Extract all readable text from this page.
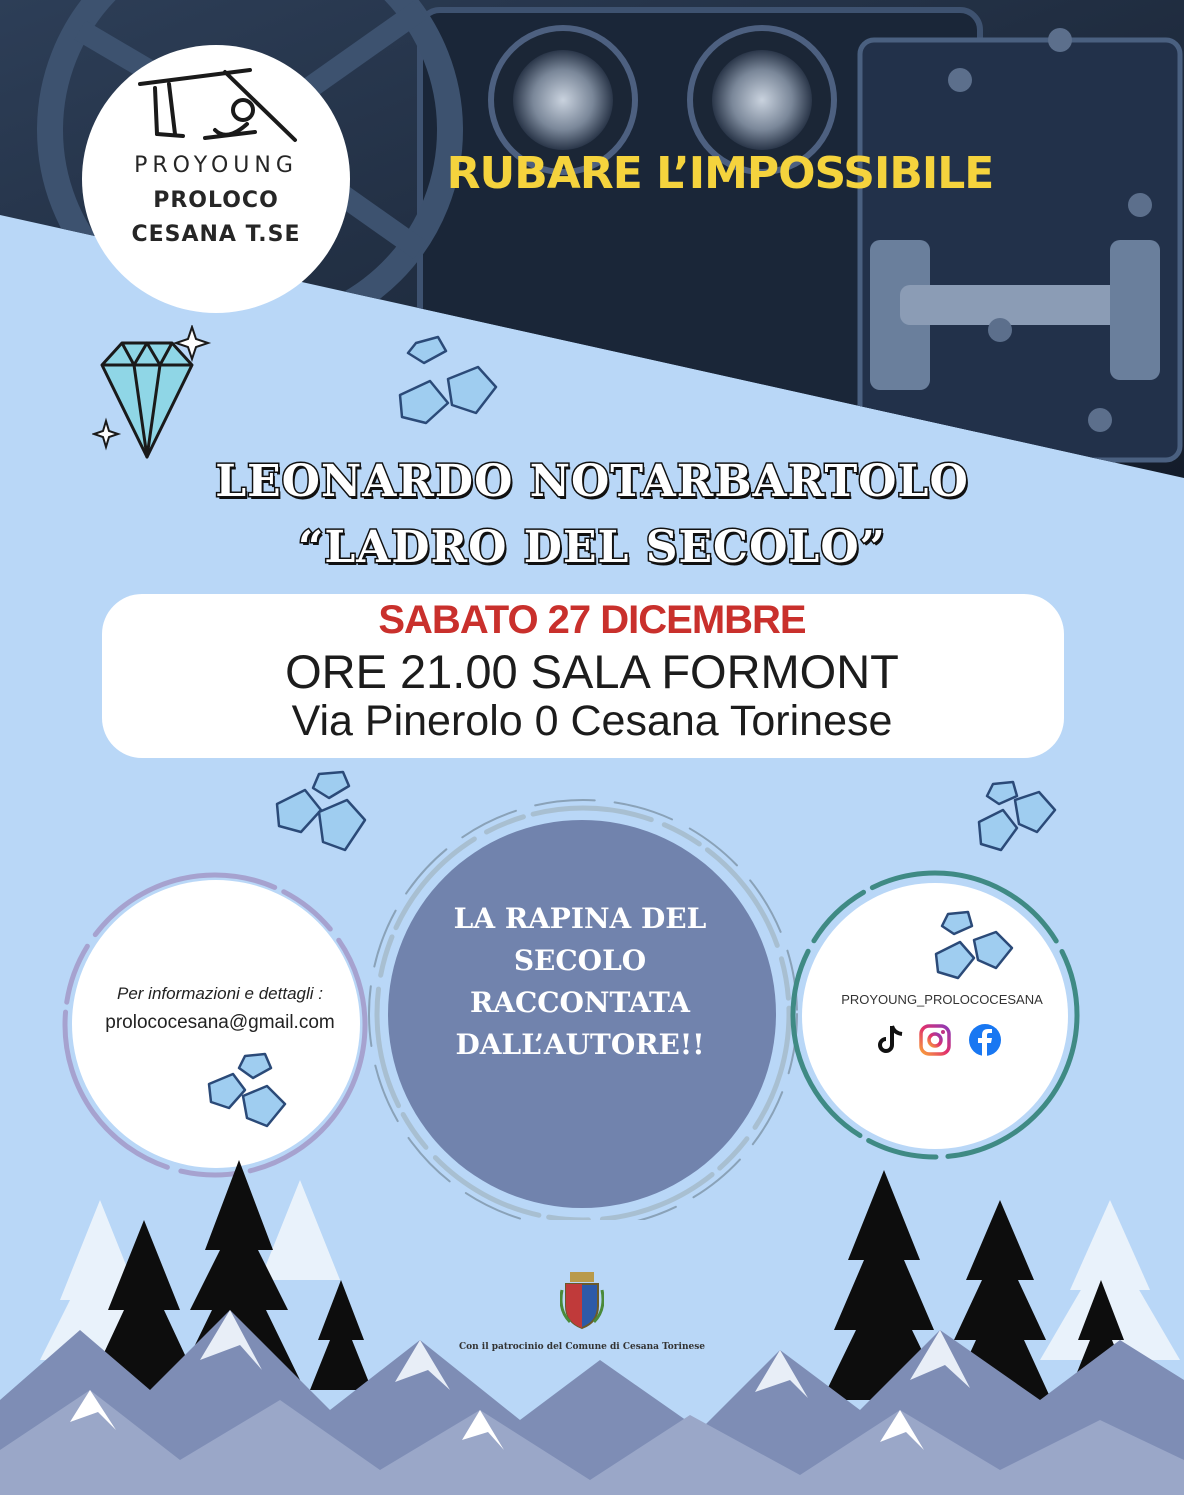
PROYOUNG
PROLOCO
CESANA T.SE
RUBARE L’IMPOSSIBILE
LEONARDO NOTARBARTOLO
“LADRO DEL SECOLO”
SABATO 27 DICEMBRE
ORE 21.00 SALA FORMONT
Via Pinerolo 0 Cesana Torinese
LA RAPINA DEL
SECOLO
RACCONTATA
DALL’AUTORE!!
Per informazioni e dettagli :
prolococesana@gmail.com
PROYOUNG_PROLOCOCESANA
Con il patrocinio del Comune di Cesana Torinese
